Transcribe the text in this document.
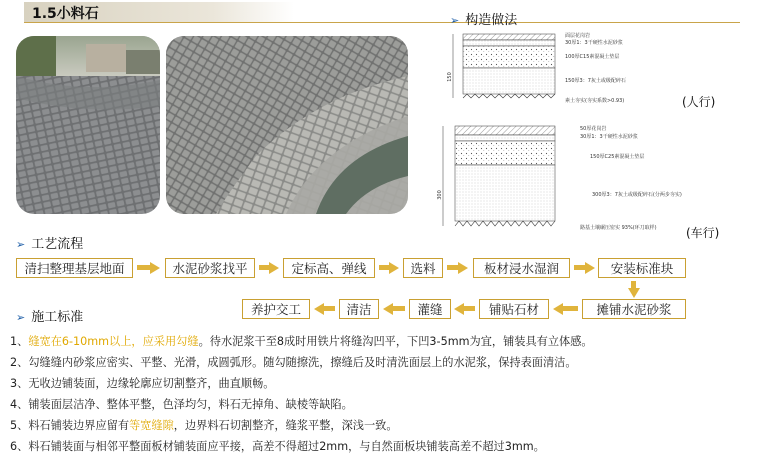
1.5小料石	➢ 构造做法
150
面层花岗岩
30厚1：3干硬性水泥砂浆
100厚C15素混凝土垫层
150厚3：7灰土或级配碎石
素土夯实(夯实系数>0.93)	(人行)
300
50厚花岗岩
30厚1：3干硬性水泥砂浆
150厚C25素混凝土垫层
300厚3：7灰土或级配碎石(分两步夯实)
路基土壤碾压密实 93%(环刀取样) (车行)
➢ 工艺流程
清扫整理基层地面	水泥砂浆找平	定标高、弹线	选料	板材浸水湿润	安装标准块
摊铺水泥砂浆
铺贴石材
灌缝
清洁
养护交工
➢ 施工标准
1、缝宽在6-10mm以上，应采用勾缝。待水泥浆干至8成时用铁片将缝沟凹平，下凹3-5mm为宜，铺装具有立体感。
2、勾缝缝内砂浆应密实、平整、光滑，成圆弧形。随勾随擦洗，擦缝后及时清洗面层上的水泥浆，保持表面清洁。
3、无收边铺装面，边缘轮廓应切割整齐，曲直顺畅。
4、铺装面层洁净、整体平整，色泽均匀，料石无掉角、缺棱等缺陷。
5、料石铺装边界应留有等宽缝隙，边界料石切割整齐，缝浆平整，深浅一致。
6、料石铺装面与相邻平整面板材铺装面应平接，高差不得超过2mm，与自然面板块铺装高差不超过3mm。
